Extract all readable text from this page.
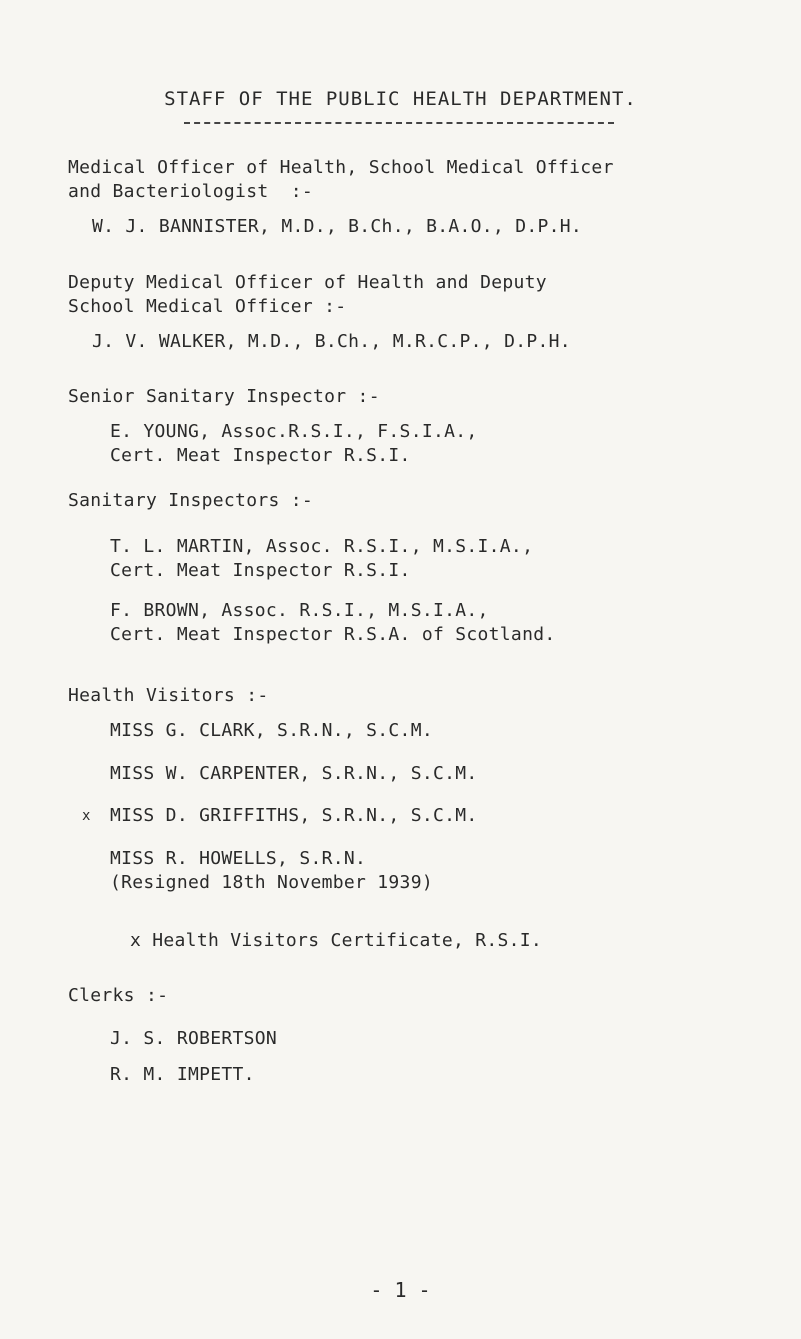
STAFF OF THE PUBLIC HEALTH DEPARTMENT.
Medical Officer of Health, School Medical Officer
and Bacteriologist  :-
W. J. BANNISTER, M.D., B.Ch., B.A.O., D.P.H.
Deputy Medical Officer of Health and Deputy
School Medical Officer :-
J. V. WALKER, M.D., B.Ch., M.R.C.P., D.P.H.
Senior Sanitary Inspector :-
E. YOUNG, Assoc.R.S.I., F.S.I.A.,
Cert. Meat Inspector R.S.I.
Sanitary Inspectors :-
T. L. MARTIN, Assoc. R.S.I., M.S.I.A.,
Cert. Meat Inspector R.S.I.
F. BROWN, Assoc. R.S.I., M.S.I.A.,
Cert. Meat Inspector R.S.A. of Scotland.
Health Visitors :-
MISS G. CLARK, S.R.N., S.C.M.
MISS W. CARPENTER, S.R.N., S.C.M.
x MISS D. GRIFFITHS, S.R.N., S.C.M.
MISS R. HOWELLS, S.R.N.
(Resigned 18th November 1939)
x Health Visitors Certificate, R.S.I.
Clerks :-
J. S. ROBERTSON
R. M. IMPETT.
- 1 -
